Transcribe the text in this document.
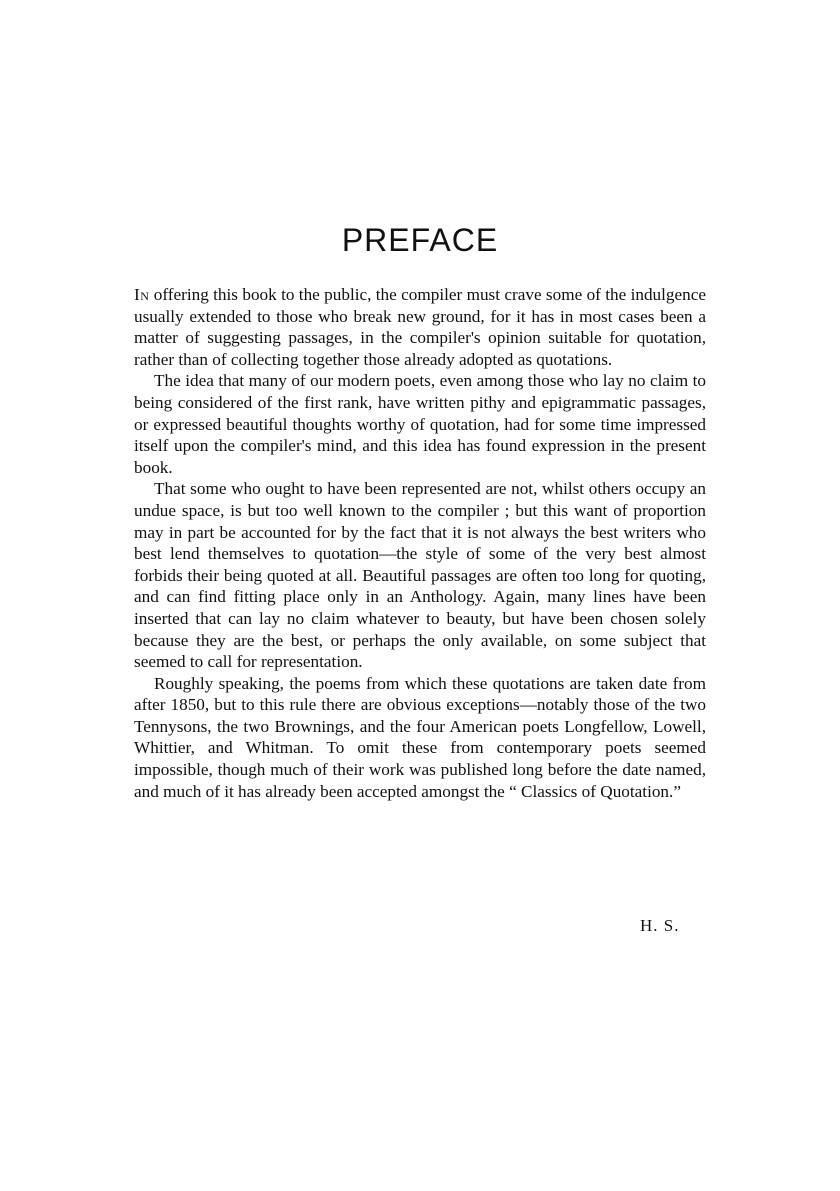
PREFACE

In offering this book to the public, the compiler must crave some of the indulgence usually extended to those who break new ground, for it has in most cases been a matter of suggesting passages, in the compiler's opinion suitable for quotation, rather than of collecting together those already adopted as quotations.

The idea that many of our modern poets, even among those who lay no claim to being considered of the first rank, have written pithy and epigrammatic passages, or expressed beautiful thoughts worthy of quotation, had for some time impressed itself upon the compiler's mind, and this idea has found expression in the present book.

That some who ought to have been represented are not, whilst others occupy an undue space, is but too well known to the compiler ; but this want of proportion may in part be accounted for by the fact that it is not always the best writers who best lend themselves to quotation—the style of some of the very best almost forbids their being quoted at all. Beautiful passages are often too long for quoting, and can find fitting place only in an Anthology. Again, many lines have been inserted that can lay no claim whatever to beauty, but have been chosen solely because they are the best, or perhaps the only available, on some subject that seemed to call for representation.

Roughly speaking, the poems from which these quotations are taken date from after 1850, but to this rule there are obvious exceptions—notably those of the two Tennysons, the two Brownings, and the four American poets Longfellow, Lowell, Whittier, and Whitman. To omit these from contemporary poets seemed impossible, though much of their work was published long before the date named, and much of it has already been accepted amongst the “ Classics of Quotation.”

H. S.
